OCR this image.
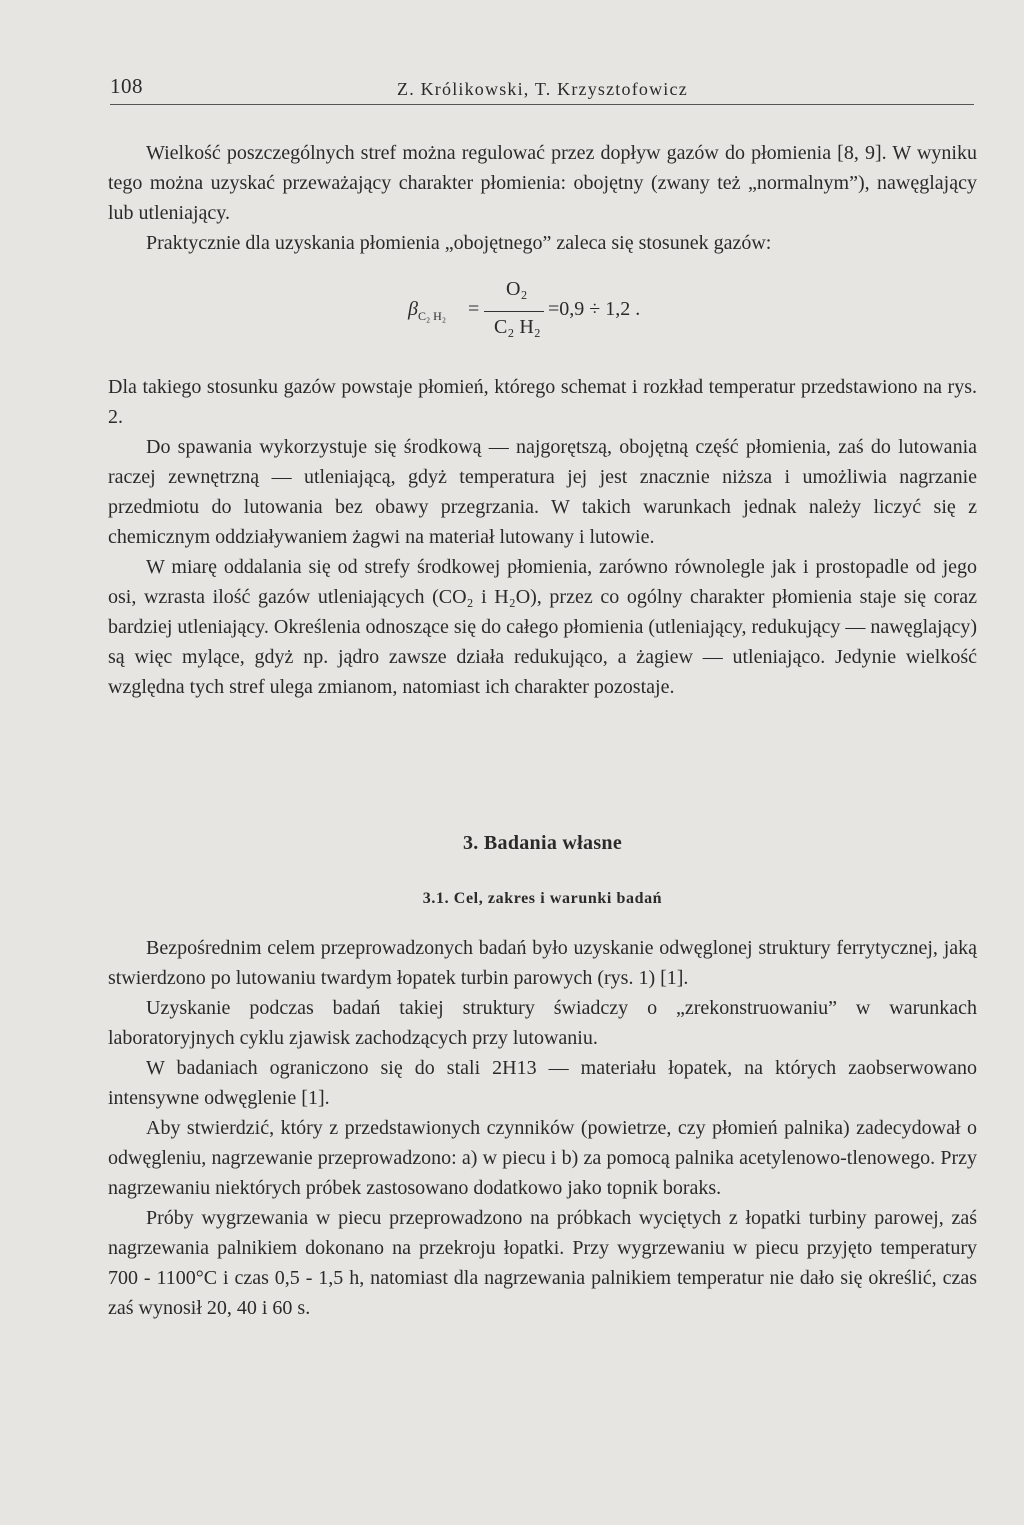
108	Z. Królikowski, T. Krzysztofowicz

Wielkość poszczególnych stref można regulować przez dopływ gazów do płomienia [8, 9]. W wyniku tego można uzyskać przeważający charakter płomienia: obojętny (zwany też „normalnym”), nawęglający lub utleniający.

Praktycznie dla uzyskania płomienia „obojętnego” zaleca się stosunek gazów:

$\beta_{C_2 H_2}$ =
O₂
C₂ H₂
=0,9 ÷ 1,2 .

Dla takiego stosunku gazów powstaje płomień, którego schemat i rozkład temperatur przedstawiono na rys. 2.

Do spawania wykorzystuje się środkową — najgorętszą, obojętną część płomienia, zaś do lutowania raczej zewnętrzną — utleniającą, gdyż temperatura jej jest znacznie niższa i umożliwia nagrzanie przedmiotu do lutowania bez obawy przegrzania. W takich warunkach jednak należy liczyć się z chemicznym oddziaływaniem żagwi na materiał lutowany i lutowie.

W miarę oddalania się od strefy środkowej płomienia, zarówno równolegle jak i prostopadle od jego osi, wzrasta ilość gazów utleniających (CO₂ i H₂O), przez co ogólny charakter płomienia staje się coraz bardziej utleniający. Określenia odnoszące się do całego płomienia (utleniający, redukujący — nawęglający) są więc mylące, gdyż np. jądro zawsze działa redukująco, a żagiew — utleniająco. Jedynie wielkość względna tych stref ulega zmianom, natomiast ich charakter pozostaje.

3. Badania własne
3.1. Cel, zakres i warunki badań

Bezpośrednim celem przeprowadzonych badań było uzyskanie odwęglonej struktury ferrytycznej, jaką stwierdzono po lutowaniu twardym łopatek turbin parowych (rys. 1) [1].

Uzyskanie podczas badań takiej struktury świadczy o „zrekonstruowaniu” w warunkach laboratoryjnych cyklu zjawisk zachodzących przy lutowaniu.

W badaniach ograniczono się do stali 2H13 — materiału łopatek, na których zaobserwowano intensywne odwęglenie [1].

Aby stwierdzić, który z przedstawionych czynników (powietrze, czy płomień palnika) zadecydował o odwęgleniu, nagrzewanie przeprowadzono: a) w piecu i b) za pomocą palnika acetylenowo-tlenowego. Przy nagrzewaniu niektórych próbek zastosowano dodatkowo jako topnik boraks.

Próby wygrzewania w piecu przeprowadzono na próbkach wyciętych z łopatki turbiny parowej, zaś nagrzewania palnikiem dokonano na przekroju łopatki. Przy wygrzewaniu w piecu przyjęto temperatury 700 - 1100°C i czas 0,5 - 1,5 h, natomiast dla nagrzewania palnikiem temperatur nie dało się określić, czas zaś wynosił 20, 40 i 60 s.
